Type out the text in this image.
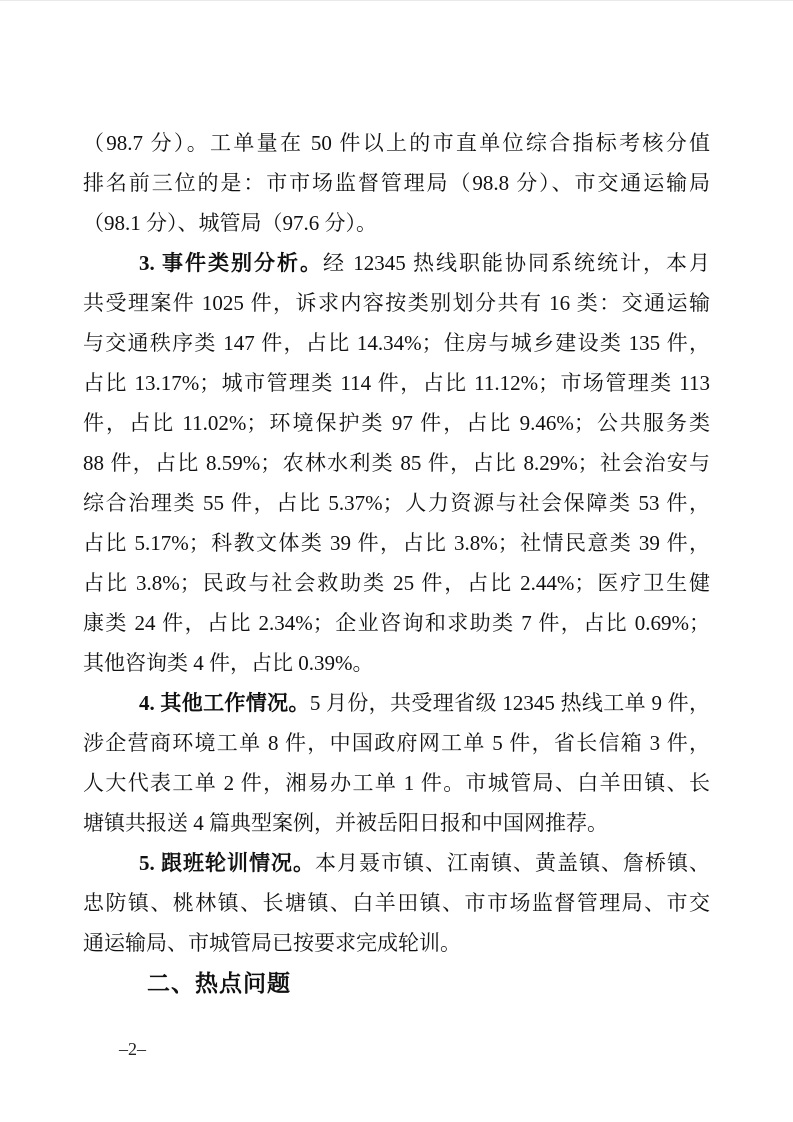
（98.7 分）。工单量在 50 件以上的市直单位综合指标考核分值
排名前三位的是：市市场监督管理局（98.8 分）、市交通运输局
（98.1 分）、城管局（97.6 分）。
3. 事件类别分析。经 12345 热线职能协同系统统计，本月
共受理案件 1025 件，诉求内容按类别划分共有 16 类：交通运输
与交通秩序类 147 件，占比 14.34%；住房与城乡建设类 135 件，
占比 13.17%；城市管理类 114 件，占比 11.12%；市场管理类 113
件，占比 11.02%；环境保护类 97 件，占比 9.46%；公共服务类
88 件，占比 8.59%；农林水利类 85 件，占比 8.29%；社会治安与
综合治理类 55 件，占比 5.37%；人力资源与社会保障类 53 件，
占比 5.17%；科教文体类 39 件，占比 3.8%；社情民意类 39 件，
占比 3.8%；民政与社会救助类 25 件，占比 2.44%；医疗卫生健
康类 24 件，占比 2.34%；企业咨询和求助类 7 件，占比 0.69%；
其他咨询类 4 件，占比 0.39%。
4. 其他工作情况。5 月份，共受理省级 12345 热线工单 9 件，
涉企营商环境工单 8 件，中国政府网工单 5 件，省长信箱 3 件，
人大代表工单 2 件，湘易办工单 1 件。市城管局、白羊田镇、长
塘镇共报送 4 篇典型案例，并被岳阳日报和中国网推荐。
5. 跟班轮训情况。本月聂市镇、江南镇、黄盖镇、詹桥镇、
忠防镇、桃林镇、长塘镇、白羊田镇、市市场监督管理局、市交
通运输局、市城管局已按要求完成轮训。
二、热点问题
–2–
